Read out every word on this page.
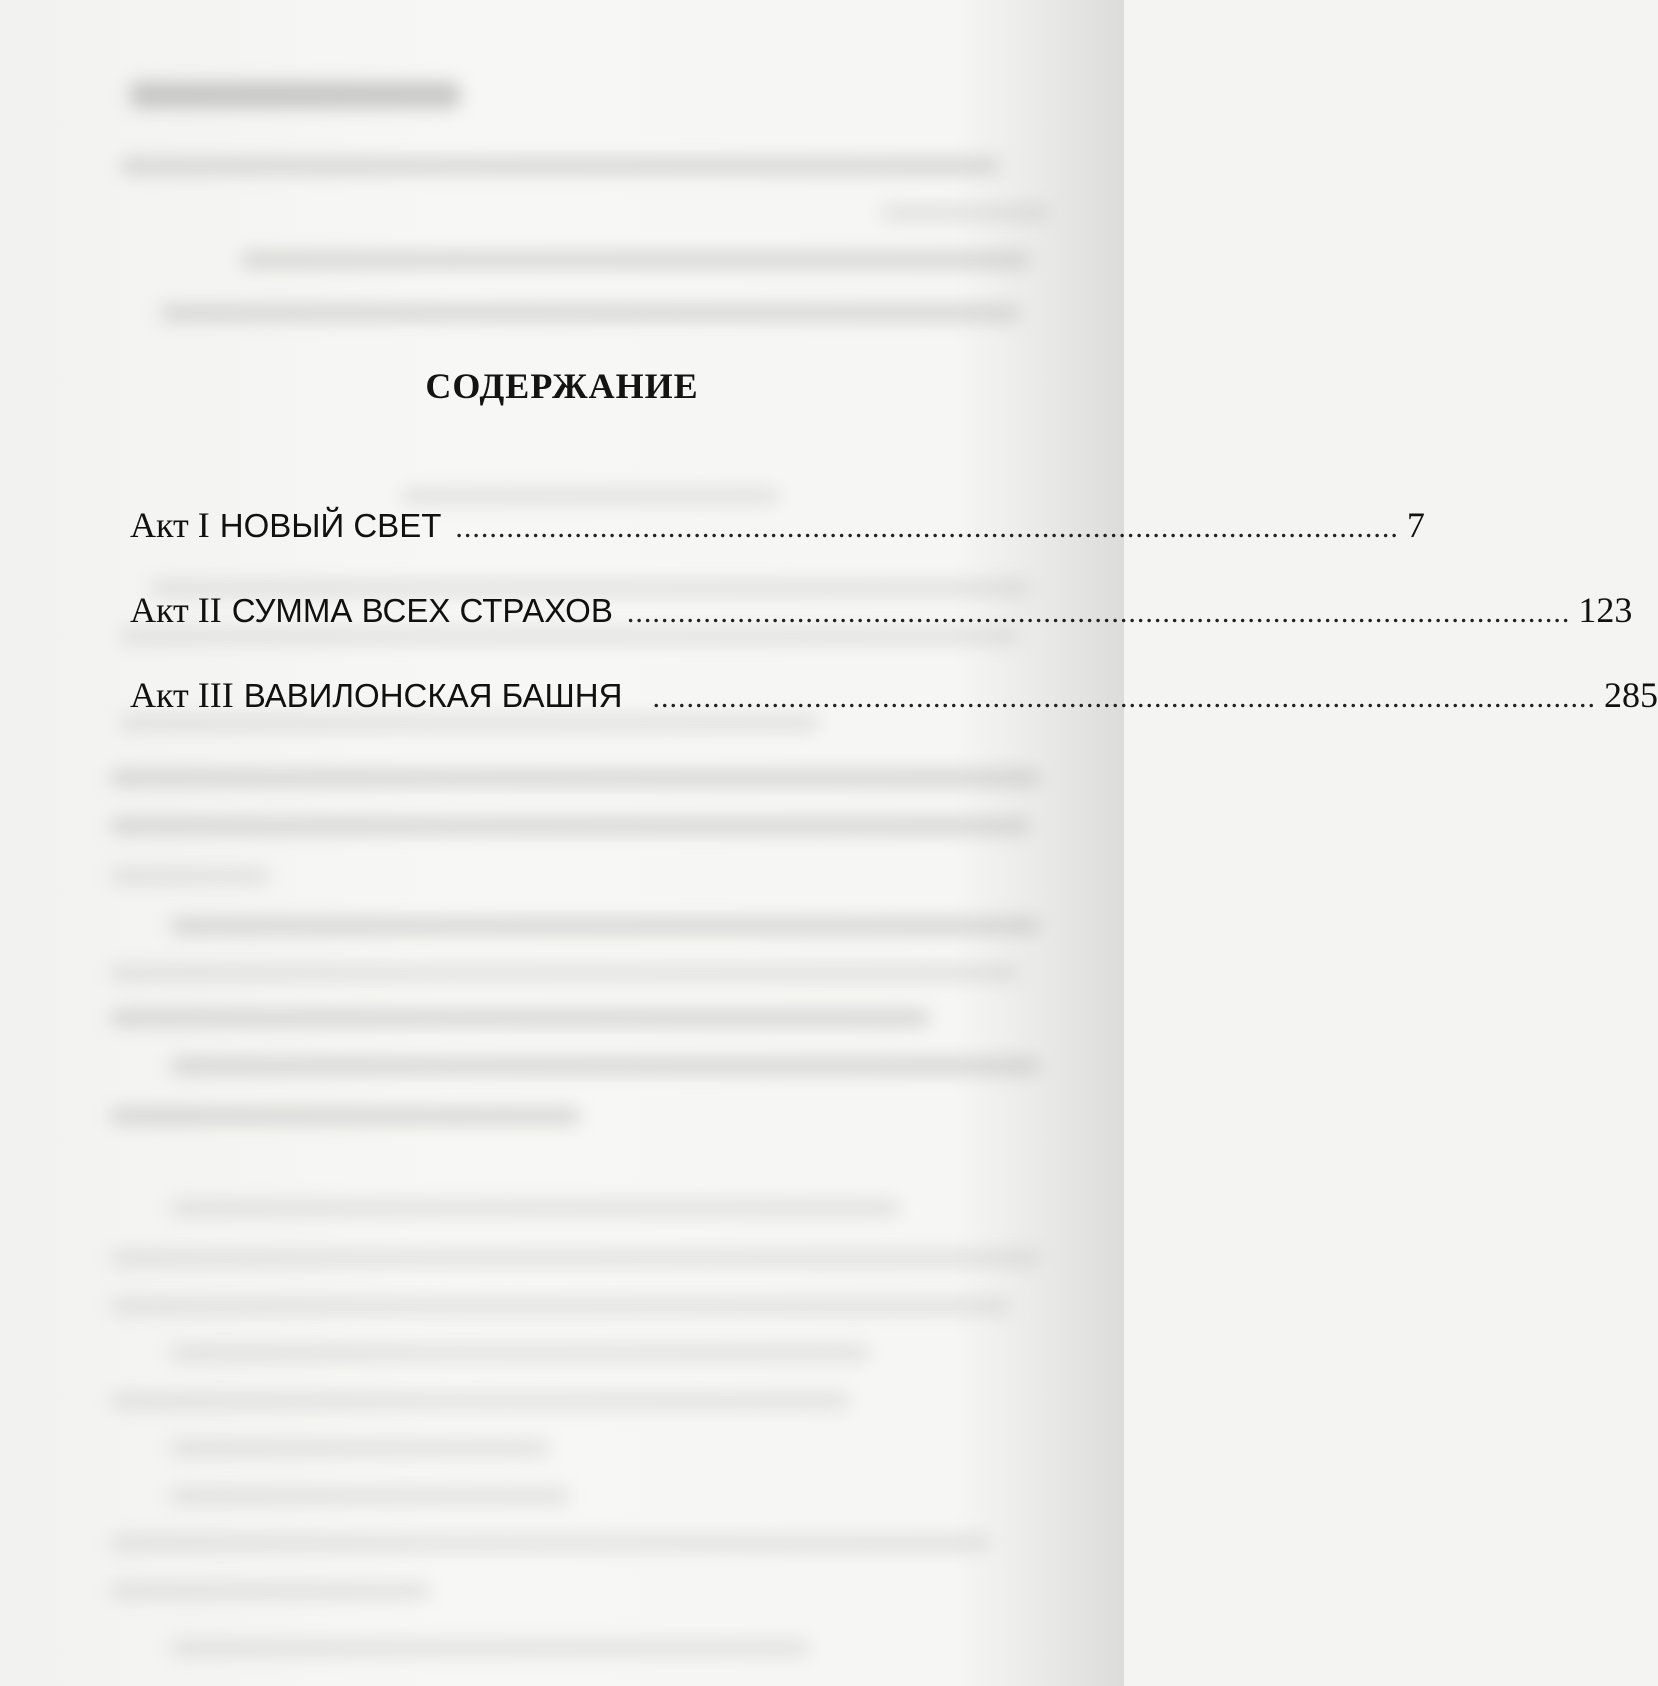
СОДЕРЖАНИЕ
Акт I НОВЫЙ СВЕТ ............................................................................................................... 7
Акт II СУММА ВСЕХ СТРАХОВ ............................................................................................................... 123
Акт III ВАВИЛОНСКАЯ БАШНЯ ............................................................................................................... 285
